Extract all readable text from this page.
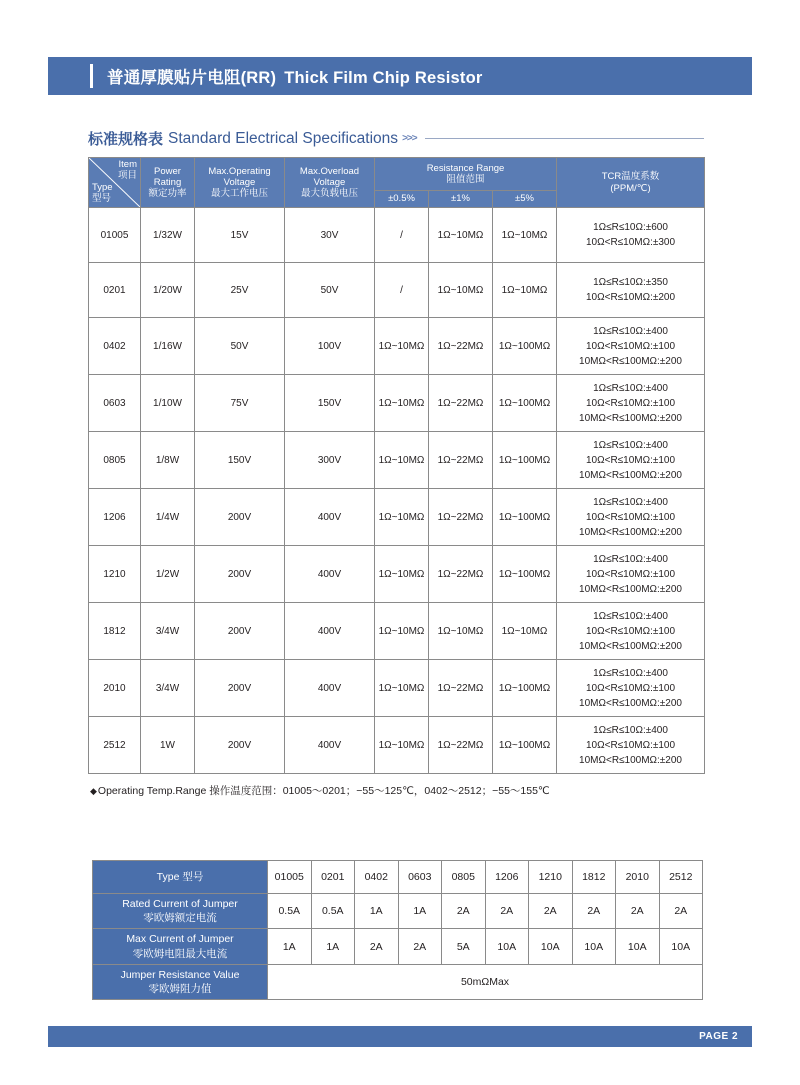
普通厚膜贴片电阻(RR) Thick Film Chip Resistor
标准规格表 Standard Electrical Specifications >>>
Item
项目
Type
型号	Power
Rating
额定功率	Max.Operating
Voltage
最大工作电压	Max.Overload
Voltage
最大负载电压	Resistance Range
阻值范围			TCR温度系数
(PPM/℃)
				±0.5%	±1%	±5%	
01005	1/32W	15V	30V	/	1Ω~10MΩ	1Ω~10MΩ	1Ω≤R≤10Ω:±600
10Ω<R≤10MΩ:±300

0201	1/20W	25V	50V	/	1Ω~10MΩ	1Ω~10MΩ	1Ω≤R≤10Ω:±350
10Ω<R≤10MΩ:±200

0402	1/16W	50V	100V	1Ω~10MΩ	1Ω~22MΩ	1Ω~100MΩ	1Ω≤R≤10Ω:±400
10Ω<R≤10MΩ:±100
10MΩ<R≤100MΩ:±200

0603	1/10W	75V	150V	1Ω~10MΩ	1Ω~22MΩ	1Ω~100MΩ	1Ω≤R≤10Ω:±400
10Ω<R≤10MΩ:±100
10MΩ<R≤100MΩ:±200

0805	1/8W	150V	300V	1Ω~10MΩ	1Ω~22MΩ	1Ω~100MΩ	1Ω≤R≤10Ω:±400
10Ω<R≤10MΩ:±100
10MΩ<R≤100MΩ:±200

1206	1/4W	200V	400V	1Ω~10MΩ	1Ω~22MΩ	1Ω~100MΩ	1Ω≤R≤10Ω:±400
10Ω<R≤10MΩ:±100
10MΩ<R≤100MΩ:±200

1210	1/2W	200V	400V	1Ω~10MΩ	1Ω~22MΩ	1Ω~100MΩ	1Ω≤R≤10Ω:±400
10Ω<R≤10MΩ:±100
10MΩ<R≤100MΩ:±200

1812	3/4W	200V	400V	1Ω~10MΩ	1Ω~10MΩ	1Ω~10MΩ	1Ω≤R≤10Ω:±400
10Ω<R≤10MΩ:±100
10MΩ<R≤100MΩ:±200

2010	3/4W	200V	400V	1Ω~10MΩ	1Ω~22MΩ	1Ω~100MΩ	1Ω≤R≤10Ω:±400
10Ω<R≤10MΩ:±100
10MΩ<R≤100MΩ:±200

2512	1W	200V	400V	1Ω~10MΩ	1Ω~22MΩ	1Ω~100MΩ	1Ω≤R≤10Ω:±400
10Ω<R≤10MΩ:±100
10MΩ<R≤100MΩ:±200
◆Operating Temp.Range 操作温度范围：01005～0201；−55～125℃，0402～2512；−55～155℃
Type 型号	01005	0201	0402	0603	0805	1206	1210	1812	2010	2512
Rated Current of Jumper
零欧姆额定电流	0.5A	0.5A	1A	1A	2A	2A	2A	2A	2A	2A
Max Current of Jumper
零欧姆电阻最大电流	1A	1A	2A	2A	5A	10A	10A	10A	10A	10A
Jumper Resistance Value
零欧姆阻力值	50mΩMax									
PAGE 2
